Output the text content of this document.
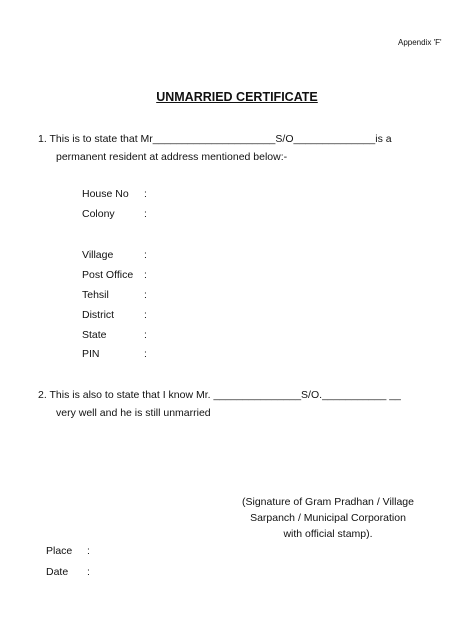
Appendix 'F'
UNMARRIED CERTIFICATE
1. This is to state that Mr_____________________S/O______________is a
permanent resident at address mentioned below:-
House No :
Colony	:
Village	:
Post Office :
Tehsil	:
District	:
State	:
PIN	:
2. This is also to state that I know Mr. _______________S/O.___________ __
very well and he is still unmarried
(Signature of Gram Pradhan / Village
Sarpanch / Municipal Corporation
with official stamp).
Place :
Date :
